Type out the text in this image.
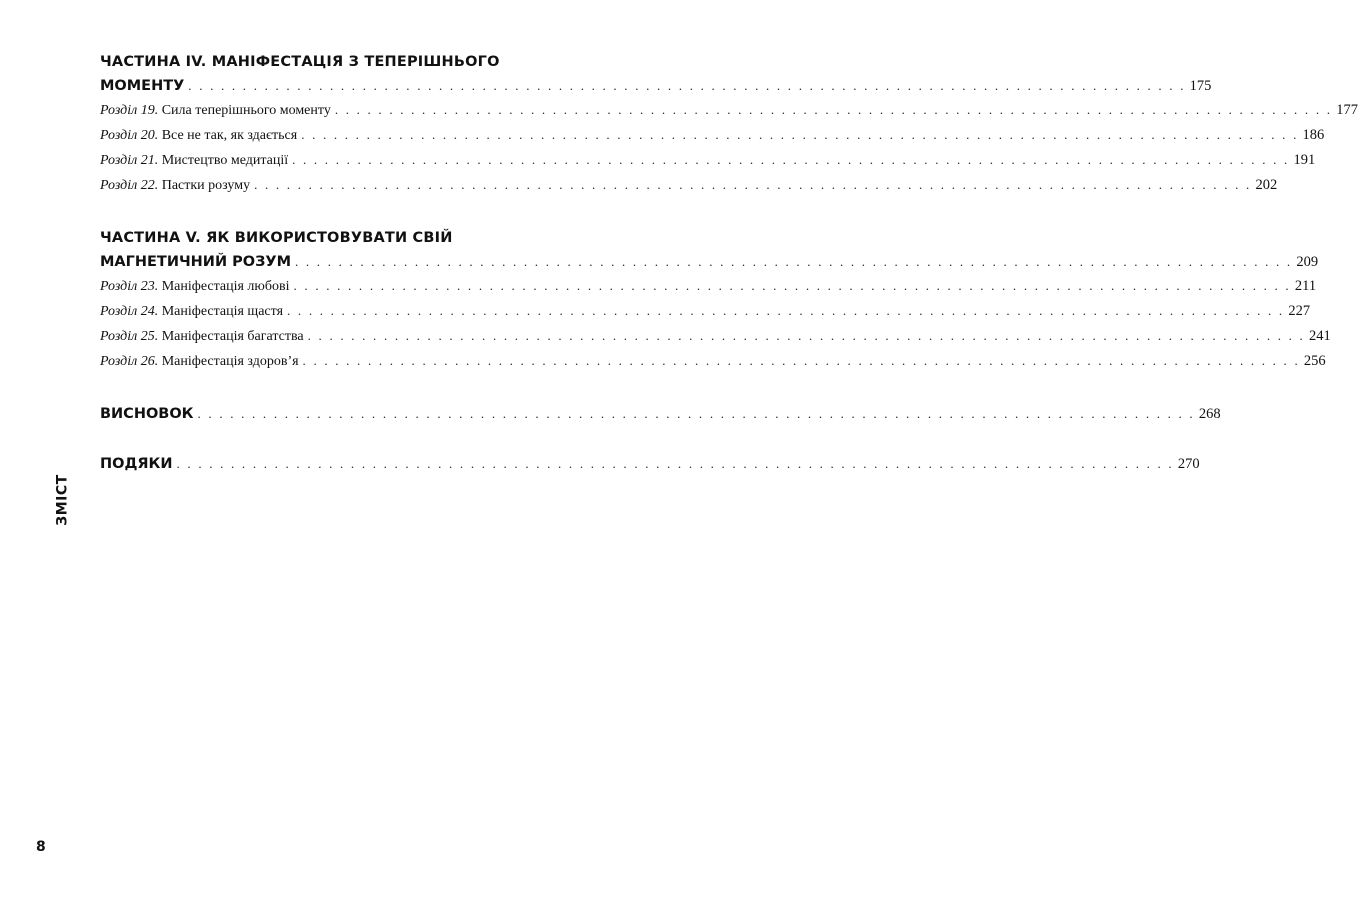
ЧАСТИНА IV. МАНІФЕСТАЦІЯ З ТЕПЕРІШНЬОГО
МОМЕНТУ . . . . . . . . . . . . . . . . . . . . . . . . . . . . . . . . . . . . . . . . . . . . . . . . . . . . . . . . . . . . . . . . . . . . . . . . . . . . . . . . . . . . . . . . . . . . 175
Розділ 19. Сила теперішнього моменту . . . . . . . . . . . . . . . . . . . . . . . . . . . . . . . . . . . . . . . . . . . . . . . . . . . . . . . . . . . . . . . . . . . . . . . . . . . . . . . . . . . . . . . . . . . . 177
Розділ 20. Все не так, як здається . . . . . . . . . . . . . . . . . . . . . . . . . . . . . . . . . . . . . . . . . . . . . . . . . . . . . . . . . . . . . . . . . . . . . . . . . . . . . . . . . . . . . . . . . . . . 186
Розділ 21. Мистецтво медитації . . . . . . . . . . . . . . . . . . . . . . . . . . . . . . . . . . . . . . . . . . . . . . . . . . . . . . . . . . . . . . . . . . . . . . . . . . . . . . . . . . . . . . . . . . . . 191
Розділ 22. Пастки розуму . . . . . . . . . . . . . . . . . . . . . . . . . . . . . . . . . . . . . . . . . . . . . . . . . . . . . . . . . . . . . . . . . . . . . . . . . . . . . . . . . . . . . . . . . . . . 202
ЧАСТИНА V. ЯК ВИКОРИСТОВУВАТИ СВІЙ
МАГНЕТИЧНИЙ РОЗУМ . . . . . . . . . . . . . . . . . . . . . . . . . . . . . . . . . . . . . . . . . . . . . . . . . . . . . . . . . . . . . . . . . . . . . . . . . . . . . . . . . . . . . . . . . . . . 209
Розділ 23. Маніфестація любові . . . . . . . . . . . . . . . . . . . . . . . . . . . . . . . . . . . . . . . . . . . . . . . . . . . . . . . . . . . . . . . . . . . . . . . . . . . . . . . . . . . . . . . . . . . . 211
Розділ 24. Маніфестація щастя . . . . . . . . . . . . . . . . . . . . . . . . . . . . . . . . . . . . . . . . . . . . . . . . . . . . . . . . . . . . . . . . . . . . . . . . . . . . . . . . . . . . . . . . . . . . 227
Розділ 25. Маніфестація багатства . . . . . . . . . . . . . . . . . . . . . . . . . . . . . . . . . . . . . . . . . . . . . . . . . . . . . . . . . . . . . . . . . . . . . . . . . . . . . . . . . . . . . . . . . . . . 241
Розділ 26. Маніфестація здоров’я . . . . . . . . . . . . . . . . . . . . . . . . . . . . . . . . . . . . . . . . . . . . . . . . . . . . . . . . . . . . . . . . . . . . . . . . . . . . . . . . . . . . . . . . . . . . 256
ВИСНОВОК . . . . . . . . . . . . . . . . . . . . . . . . . . . . . . . . . . . . . . . . . . . . . . . . . . . . . . . . . . . . . . . . . . . . . . . . . . . . . . . . . . . . . . . . . . . . 268
ПОДЯКИ . . . . . . . . . . . . . . . . . . . . . . . . . . . . . . . . . . . . . . . . . . . . . . . . . . . . . . . . . . . . . . . . . . . . . . . . . . . . . . . . . . . . . . . . . . . . 270
ЗМІСТ
8
